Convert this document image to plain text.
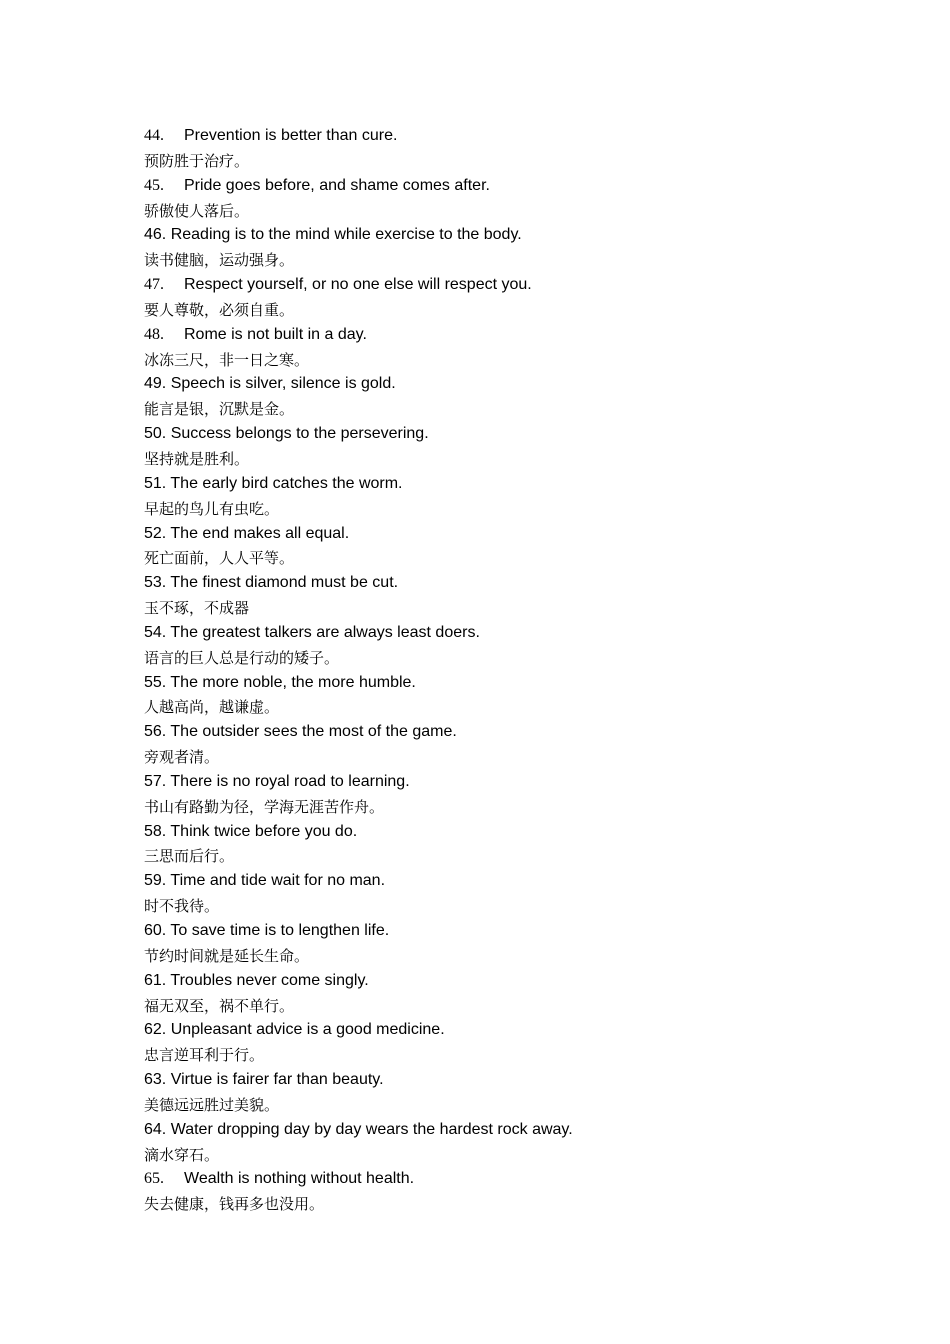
44. Prevention is better than cure.
预防胜于治疗。
45. Pride goes before, and shame comes after.
骄傲使人落后。
46. Reading is to the mind while exercise to the body.
读书健脑，运动强身。
47. Respect yourself, or no one else will respect you.
要人尊敬，必须自重。
48. Rome is not built in a day.
冰冻三尺，非一日之寒。
49. Speech is silver, silence is gold.
能言是银，沉默是金。
50. Success belongs to the persevering.
坚持就是胜利。
51. The early bird catches the worm.
早起的鸟儿有虫吃。
52. The end makes all equal.
死亡面前，人人平等。
53. The finest diamond must be cut.
玉不琢，不成器
54. The greatest talkers are always least doers.
语言的巨人总是行动的矮子。
55. The more noble, the more humble.
人越高尚，越谦虚。
56. The outsider sees the most of the game.
旁观者清。
57. There is no royal road to learning.
书山有路勤为径，学海无涯苦作舟。
58. Think twice before you do.
三思而后行。
59. Time and tide wait for no man.
时不我待。
60. To save time is to lengthen life.
节约时间就是延长生命。
61. Troubles never come singly.
福无双至，祸不单行。
62. Unpleasant advice is a good medicine.
忠言逆耳利于行。
63. Virtue is fairer far than beauty.
美德远远胜过美貌。
64. Water dropping day by day wears the hardest rock away.
滴水穿石。
65. Wealth is nothing without health.
失去健康，钱再多也没用。
